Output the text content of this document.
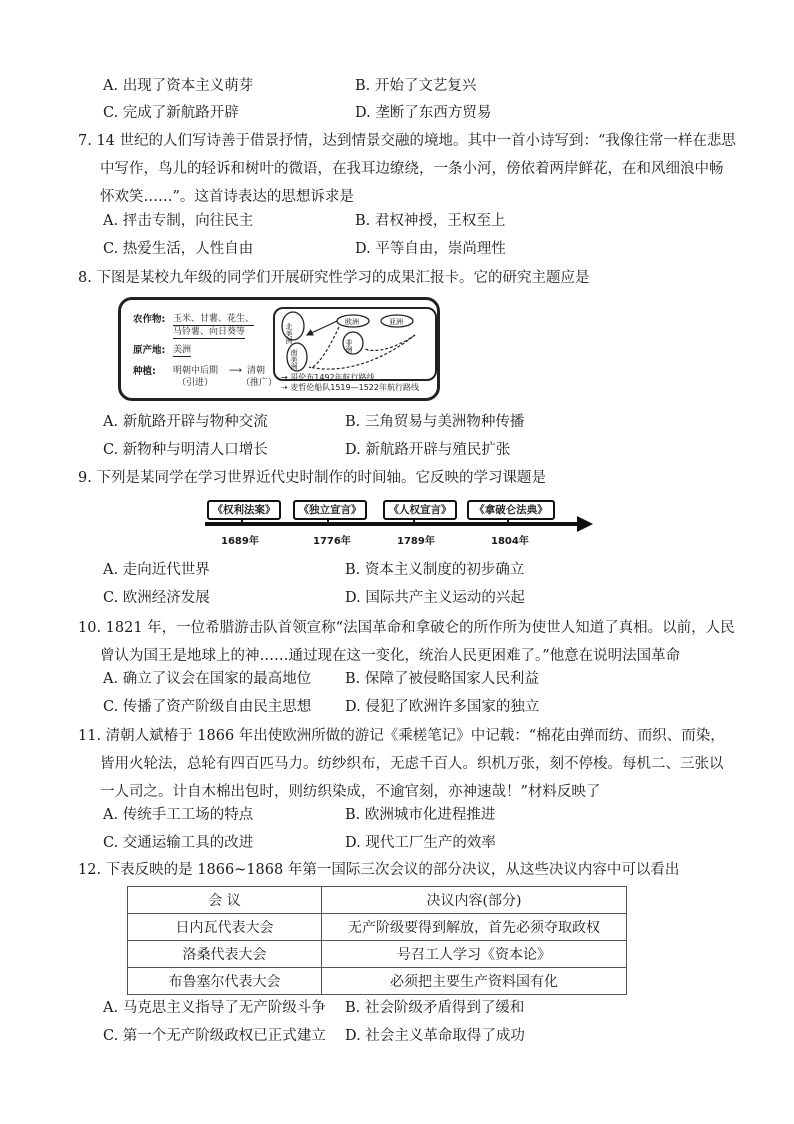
A. 出现了资本主义萌芽	B. 开始了文艺复兴
C. 完成了新航路开辟	D. 垄断了东西方贸易
7. 14 世纪的人们写诗善于借景抒情，达到情景交融的境地。其中一首小诗写到：“我像往常一样在悲思中写作，鸟儿的轻诉和树叶的微语，在我耳边缭绕，一条小河，傍依着两岸鲜花，在和风细浪中畅怀欢笑……”。这首诗表达的思想诉求是
A. 抨击专制，向往民主	B. 君权神授，王权至上
C. 热爱生活，人性自由	D. 平等自由，崇尚理性
8. 下图是某校九年级的同学们开展研究性学习的成果汇报卡。它的研究主题应是
农作物: 玉米、甘薯、花生、
马铃薯、向日葵等
原产地: 美洲
种植: 明朝中后期 ⟶ 清朝
（引进）	（推广）
北美洲
南美洲
欧洲	亚洲
非洲
→ 哥伦布1492年航行路线
⇢ 麦哲伦船队1519—1522年航行路线
A. 新航路开辟与物种交流	B. 三角贸易与美洲物种传播
C. 新物种与明清人口增长	D. 新航路开辟与殖民扩张
9. 下列是某同学在学习世界近代史时制作的时间轴。它反映的学习课题是
《权利法案》
1689年
《独立宣言》
1776年
《人权宣言》
1789年
《拿破仑法典》
1804年
A. 走向近代世界	B. 资本主义制度的初步确立
C. 欧洲经济发展	D. 国际共产主义运动的兴起
10. 1821 年，一位希腊游击队首领宣称“法国革命和拿破仑的所作所为使世人知道了真相。以前，人民曾认为国王是地球上的神……通过现在这一变化，统治人民更困难了。”他意在说明法国革命
A. 确立了议会在国家的最高地位 B. 保障了被侵略国家人民利益
C. 传播了资产阶级自由民主思想 D. 侵犯了欧洲许多国家的独立
11. 清朝人斌椿于 1866 年出使欧洲所做的游记《乘槎笔记》中记载：“棉花由弹而纺、而织、而染，皆用火轮法，总轮有四百匹马力。纺纱织布，无虑千百人。织机万张，刻不停梭。每机二、三张以一人司之。计自木棉出包时，则纺织染成，不逾官刻，亦神速哉！”材料反映了
A. 传统手工工场的特点	B. 欧洲城市化进程推进
C. 交通运输工具的改进	D. 现代工厂生产的效率
12. 下表反映的是 1866~1868 年第一国际三次会议的部分决议，从这些决议内容中可以看出
会 议	决议内容(部分)
日内瓦代表大会	无产阶级要得到解放，首先必须夺取政权
洛桑代表大会	号召工人学习《资本论》
布鲁塞尔代表大会	必须把主要生产资料国有化
A. 马克思主义指导了无产阶级斗争 B. 社会阶级矛盾得到了缓和
C. 第一个无产阶级政权已正式建立 D. 社会主义革命取得了成功
